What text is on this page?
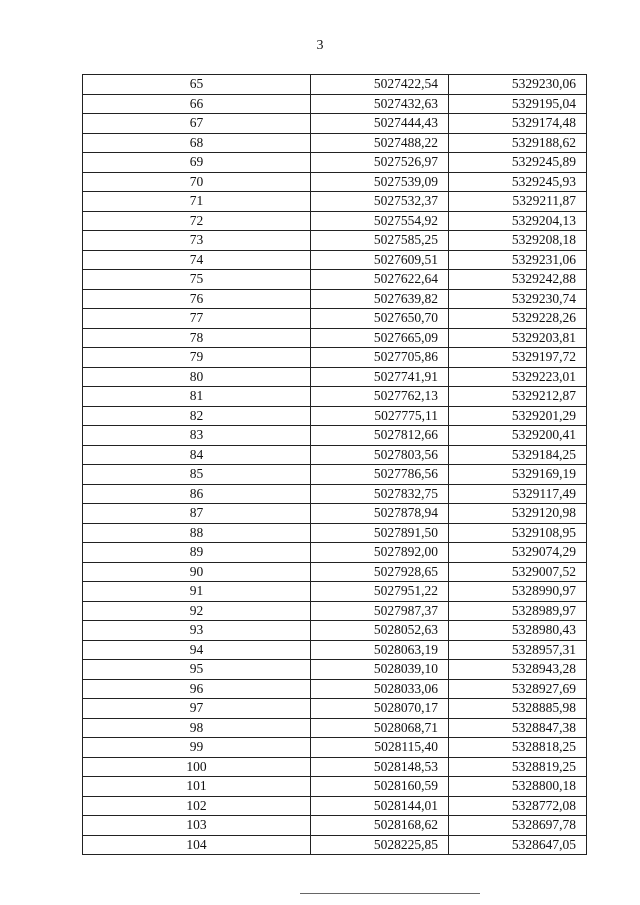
3
65	5027422,54	5329230,06
66	5027432,63	5329195,04
67	5027444,43	5329174,48
68	5027488,22	5329188,62
69	5027526,97	5329245,89
70	5027539,09	5329245,93
71	5027532,37	5329211,87
72	5027554,92	5329204,13
73	5027585,25	5329208,18
74	5027609,51	5329231,06
75	5027622,64	5329242,88
76	5027639,82	5329230,74
77	5027650,70	5329228,26
78	5027665,09	5329203,81
79	5027705,86	5329197,72
80	5027741,91	5329223,01
81	5027762,13	5329212,87
82	5027775,11	5329201,29
83	5027812,66	5329200,41
84	5027803,56	5329184,25
85	5027786,56	5329169,19
86	5027832,75	5329117,49
87	5027878,94	5329120,98
88	5027891,50	5329108,95
89	5027892,00	5329074,29
90	5027928,65	5329007,52
91	5027951,22	5328990,97
92	5027987,37	5328989,97
93	5028052,63	5328980,43
94	5028063,19	5328957,31
95	5028039,10	5328943,28
96	5028033,06	5328927,69
97	5028070,17	5328885,98
98	5028068,71	5328847,38
99	5028115,40	5328818,25
100	5028148,53	5328819,25
101	5028160,59	5328800,18
102	5028144,01	5328772,08
103	5028168,62	5328697,78
104	5028225,85	5328647,05
